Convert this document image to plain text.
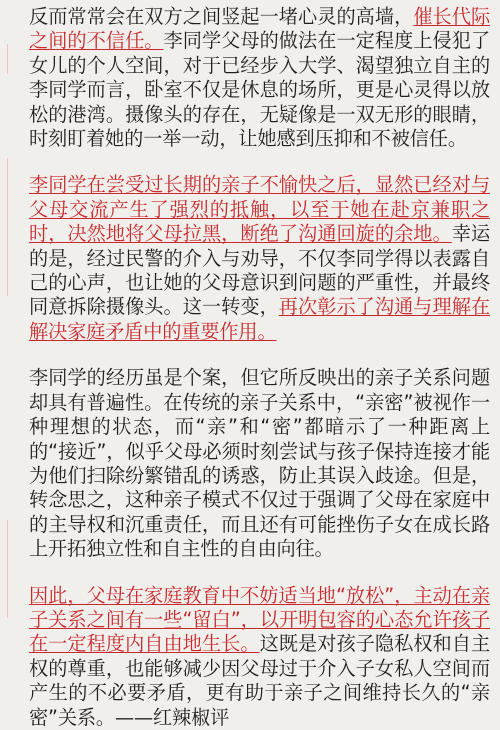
反而常常会在双方之间竖起一堵心灵的高墙，催长代际之间的不信任。李同学父母的做法在一定程度上侵犯了女儿的个人空间，对于已经步入大学、渴望独立自主的李同学而言，卧室不仅是休息的场所，更是心灵得以放松的港湾。摄像头的存在，无疑像是一双无形的眼睛，时刻盯着她的一举一动，让她感到压抑和不被信任。

李同学在尝受过长期的亲子不愉快之后，显然已经对与父母交流产生了强烈的抵触，以至于她在赴京兼职之时，决然地将父母拉黑，断绝了沟通回旋的余地。幸运的是，经过民警的介入与劝导，不仅李同学得以表露自己的心声，也让她的父母意识到问题的严重性，并最终同意拆除摄像头。这一转变，再次彰示了沟通与理解在解决家庭矛盾中的重要作用。

李同学的经历虽是个案，但它所反映出的亲子关系问题却具有普遍性。在传统的亲子关系中，“亲密”被视作一种理想的状态，而“亲”和“密”都暗示了一种距离上的“接近”，似乎父母必须时刻尝试与孩子保持连接才能为他们扫除纷繁错乱的诱惑，防止其误入歧途。但是，转念思之，这种亲子模式不仅过于强调了父母在家庭中的主导权和沉重责任，而且还有可能挫伤子女在成长路上开拓独立性和自主性的自由向往。

因此，父母在家庭教育中不妨适当地“放松”，主动在亲子关系之间有一些“留白”，以开明包容的心态允许孩子在一定程度内自由地生长。这既是对孩子隐私权和自主权的尊重，也能够减少因父母过于介入子女私人空间而产生的不必要矛盾，更有助于亲子之间维持长久的“亲密”关系。——红辣椒评
